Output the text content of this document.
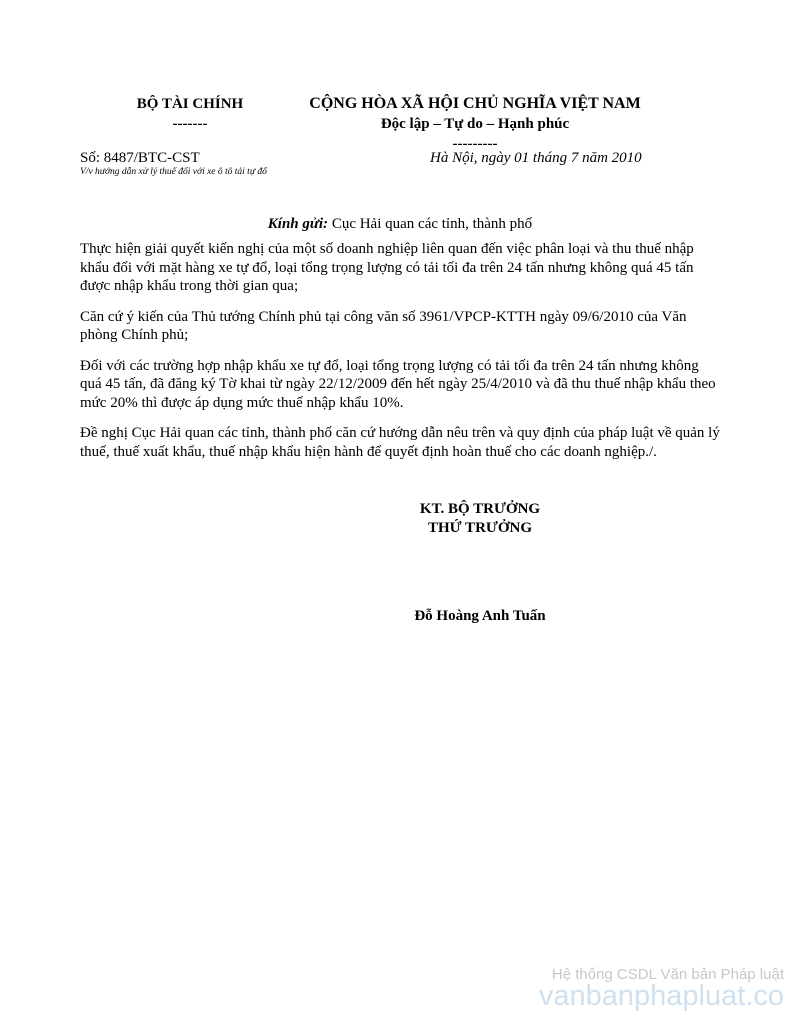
BỘ TÀI CHÍNH
-------
CỘNG HÒA XÃ HỘI CHỦ NGHĨA VIỆT NAM
Độc lập – Tự do – Hạnh phúc
---------
Số: 8487/BTC-CST
V/v hướng dẫn xử lý thuế đối với xe ô tô tải tự đổ
Hà Nội, ngày 01 tháng 7 năm 2010
Kính gửi: Cục Hải quan các tỉnh, thành phố

Thực hiện giải quyết kiến nghị của một số doanh nghiệp liên quan đến việc phân loại và thu thuế nhập khẩu đối với mặt hàng xe tự đổ, loại tổng trọng lượng có tải tối đa trên 24 tấn nhưng không quá 45 tấn được nhập khẩu trong thời gian qua;

Căn cứ ý kiến của Thủ tướng Chính phủ tại công văn số 3961/VPCP-KTTH ngày 09/6/2010 của Văn phòng Chính phủ;

Đối với các trường hợp nhập khẩu xe tự đổ, loại tổng trọng lượng có tải tối đa trên 24 tấn nhưng không quá 45 tấn, đã đăng ký Tờ khai từ ngày 22/12/2009 đến hết ngày 25/4/2010 và đã thu thuế nhập khẩu theo mức 20% thì được áp dụng mức thuế nhập khẩu 10%.

Đề nghị Cục Hải quan các tỉnh, thành phố căn cứ hướng dẫn nêu trên và quy định của pháp luật về quản lý thuế, thuế xuất khẩu, thuế nhập khẩu hiện hành để quyết định hoàn thuế cho các doanh nghiệp./.

KT. BỘ TRƯỞNG
THỨ TRƯỞNG
Đỗ Hoàng Anh Tuấn
Hệ thống CSDL Văn bản Pháp luật
vanbanphapluat.co
